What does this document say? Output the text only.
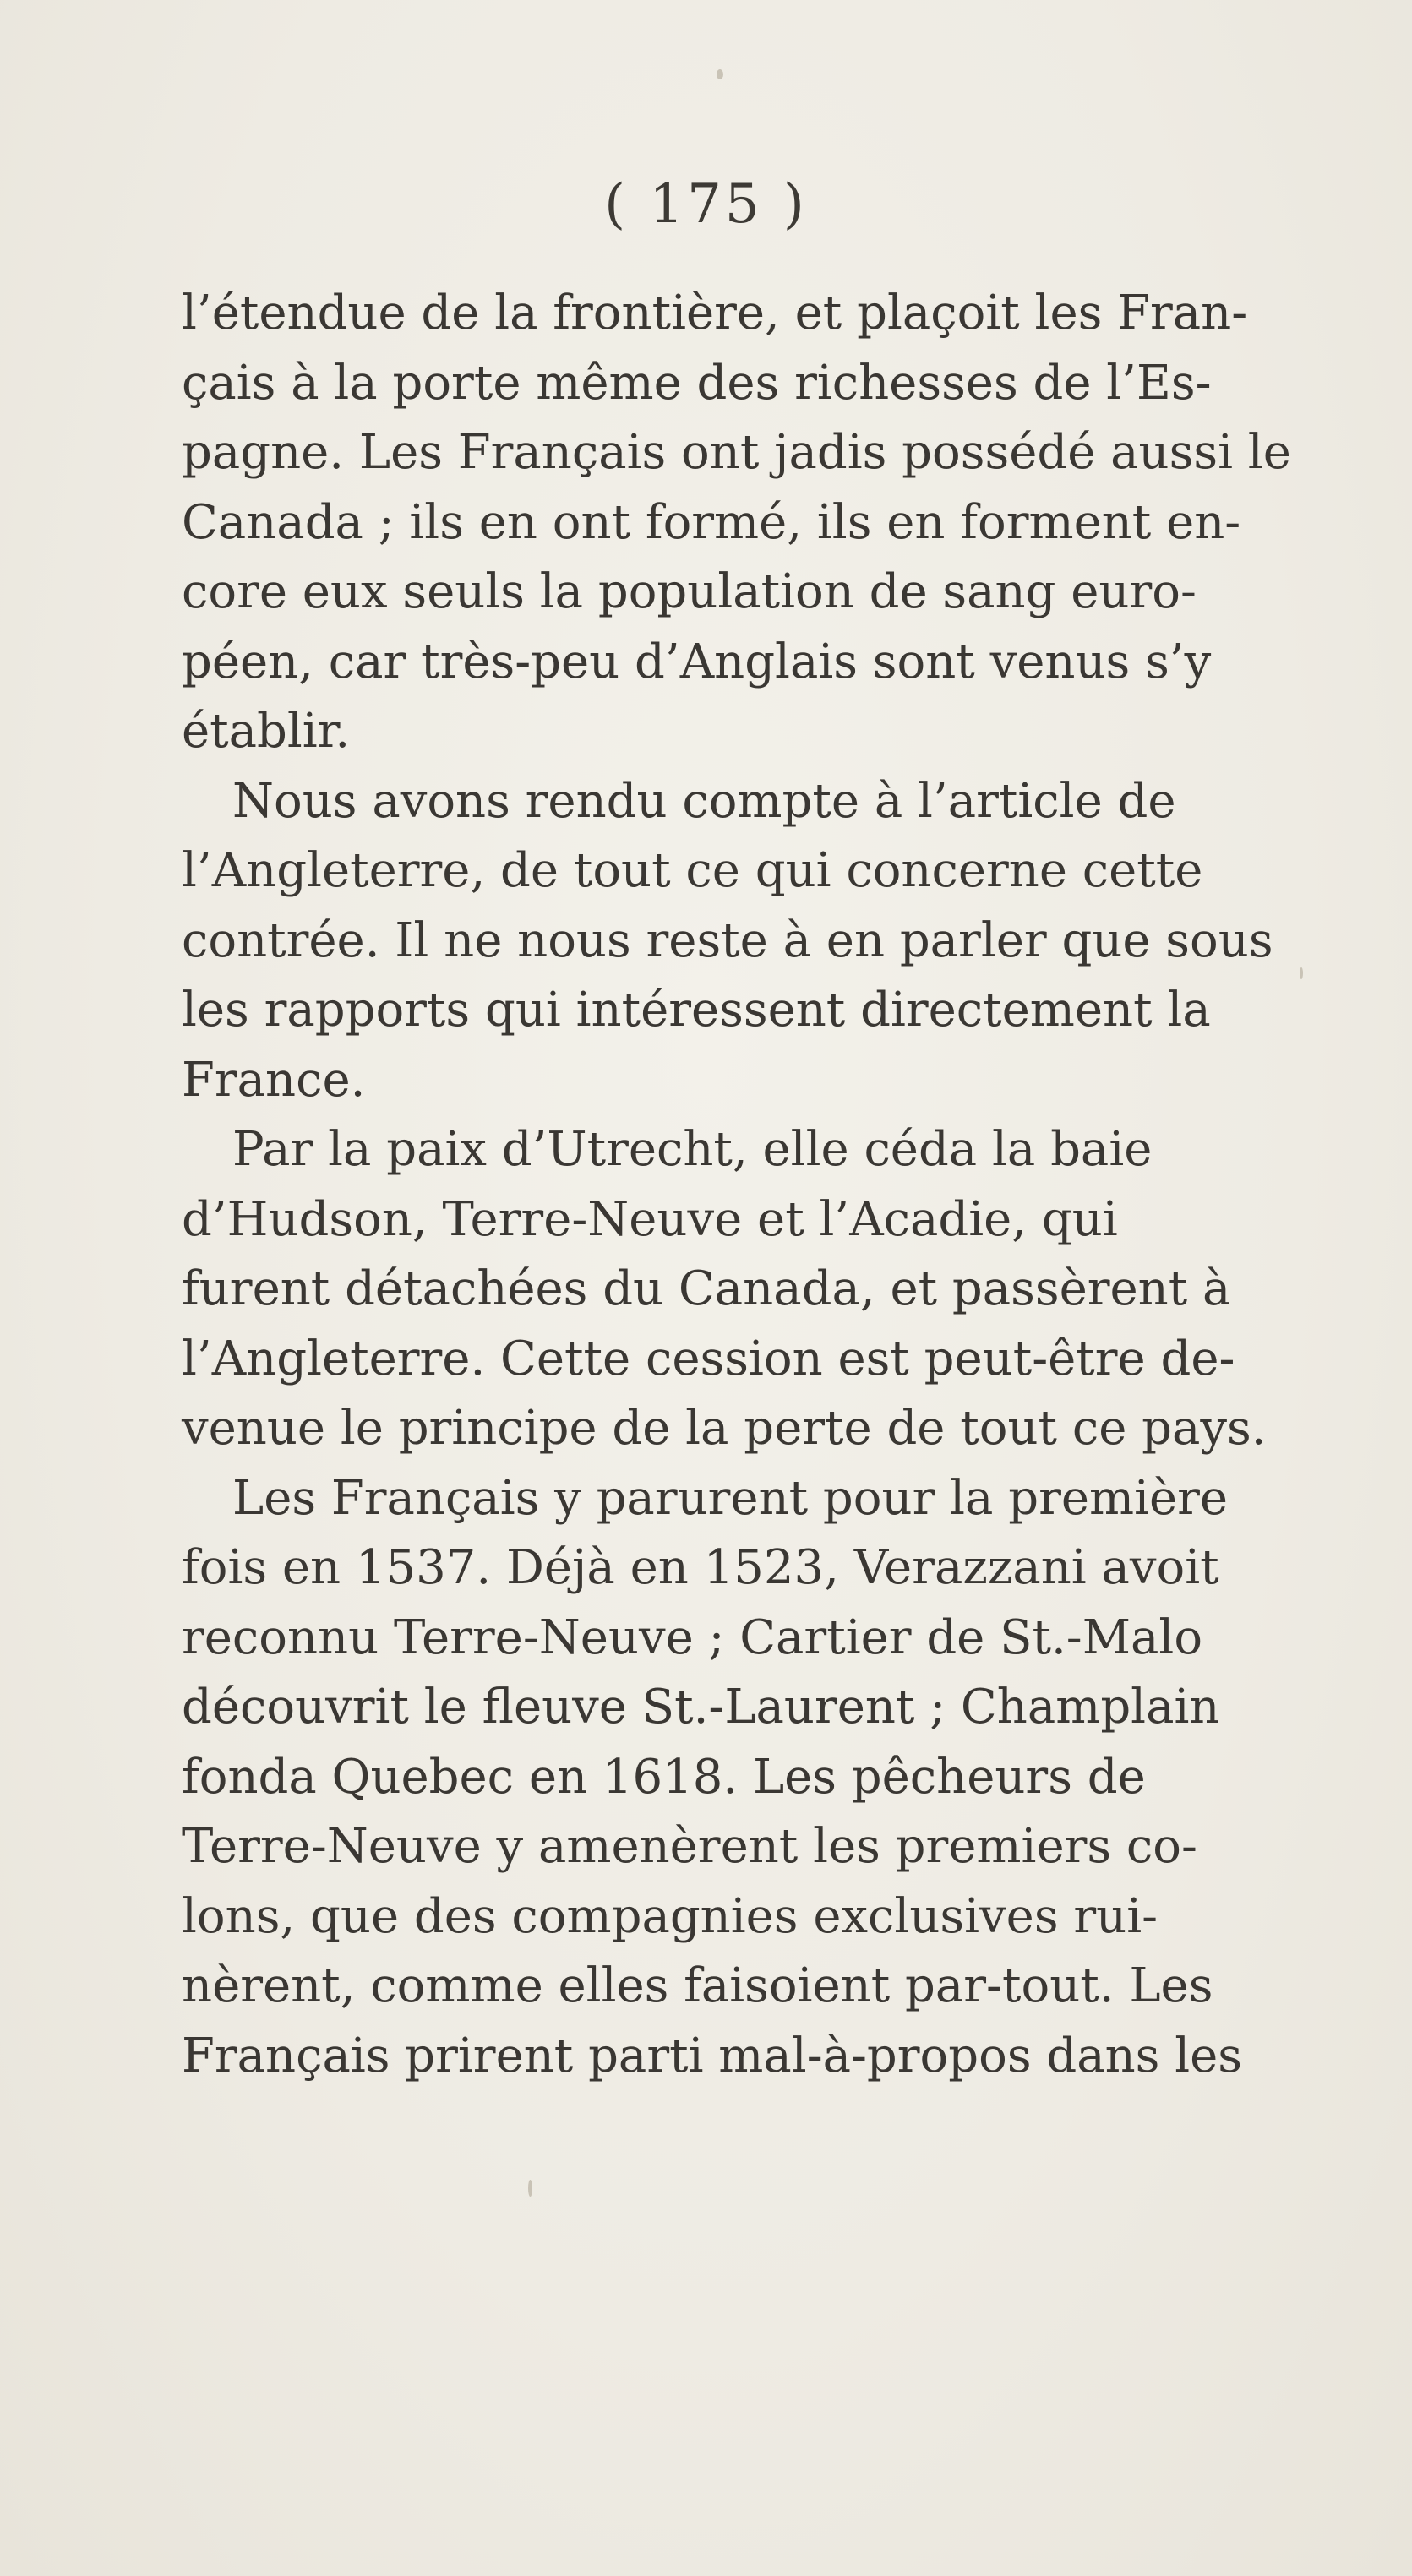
( 175 )
l’étendue de la frontière, et plaçoit les Fran-
çais à la porte même des richesses de l’Es-
pagne. Les Français ont jadis possédé aussi le
Canada ; ils en ont formé, ils en forment en-
core eux seuls la population de sang euro-
péen, car très-peu d’Anglais sont venus s’y
établir.
Nous avons rendu compte à l’article de
l’Angleterre, de tout ce qui concerne cette
contrée. Il ne nous reste à en parler que sous
les rapports qui intéressent directement la
France.
Par la paix d’Utrecht, elle céda la baie
d’Hudson, Terre-Neuve et l’Acadie, qui
furent détachées du Canada, et passèrent à
l’Angleterre. Cette cession est peut-être de-
venue le principe de la perte de tout ce pays.
Les Français y parurent pour la première
fois en 1537. Déjà en 1523, Verazzani avoit
reconnu Terre-Neuve ; Cartier de St.-Malo
découvrit le fleuve St.-Laurent ; Champlain
fonda Quebec en 1618. Les pêcheurs de
Terre-Neuve y amenèrent les premiers co-
lons, que des compagnies exclusives rui-
nèrent, comme elles faisoient par-tout. Les
Français prirent parti mal-à-propos dans les
